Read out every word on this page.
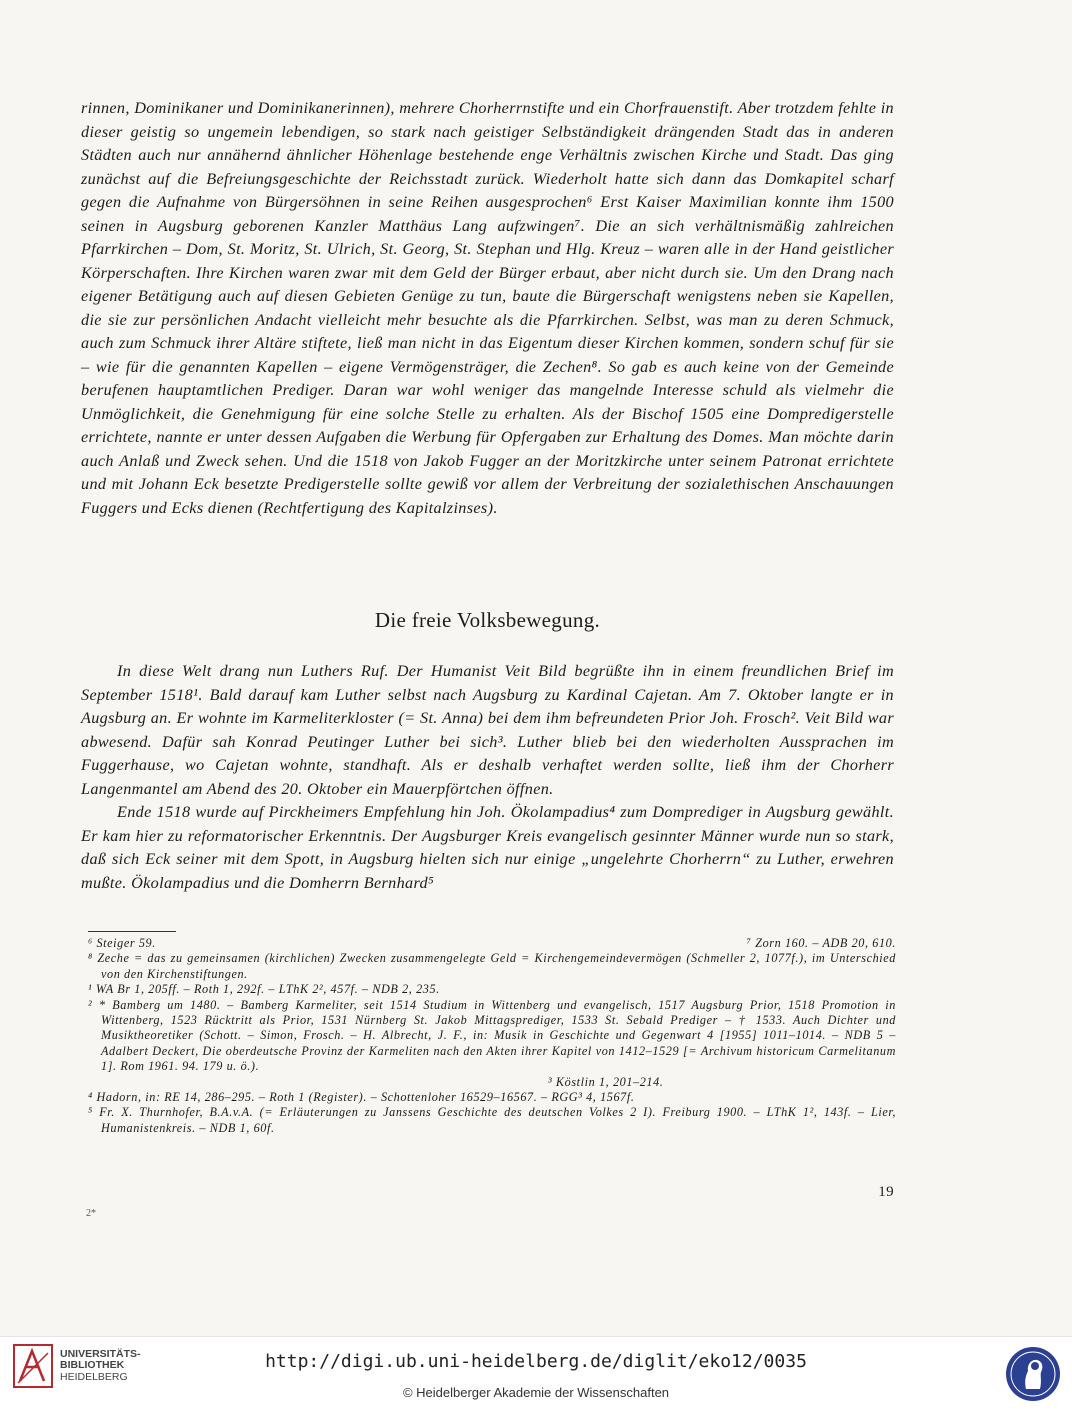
rinnen, Dominikaner und Dominikanerinnen), mehrere Chorherrnstifte und ein Chorfrauenstift. Aber trotzdem fehlte in dieser geistig so ungemein lebendigen, so stark nach geistiger Selbständigkeit drängenden Stadt das in anderen Städten auch nur annähernd ähnlicher Höhenlage bestehende enge Verhältnis zwischen Kirche und Stadt. Das ging zunächst auf die Befreiungsgeschichte der Reichsstadt zurück. Wiederholt hatte sich dann das Domkapitel scharf gegen die Aufnahme von Bürgersöhnen in seine Reihen ausgesprochen⁶ Erst Kaiser Maximilian konnte ihm 1500 seinen in Augsburg geborenen Kanzler Matthäus Lang aufzwingen⁷. Die an sich verhältnismäßig zahlreichen Pfarrkirchen – Dom, St. Moritz, St. Ulrich, St. Georg, St. Stephan und Hlg. Kreuz – waren alle in der Hand geistlicher Körperschaften. Ihre Kirchen waren zwar mit dem Geld der Bürger erbaut, aber nicht durch sie. Um den Drang nach eigener Betätigung auch auf diesen Gebieten Genüge zu tun, baute die Bürgerschaft wenigstens neben sie Kapellen, die sie zur persönlichen Andacht vielleicht mehr besuchte als die Pfarrkirchen. Selbst, was man zu deren Schmuck, auch zum Schmuck ihrer Altäre stiftete, ließ man nicht in das Eigentum dieser Kirchen kommen, sondern schuf für sie – wie für die genannten Kapellen – eigene Vermögensträger, die Zechen⁸. So gab es auch keine von der Gemeinde berufenen hauptamtlichen Prediger. Daran war wohl weniger das mangelnde Interesse schuld als vielmehr die Unmöglichkeit, die Genehmigung für eine solche Stelle zu erhalten. Als der Bischof 1505 eine Dompredigerstelle errichtete, nannte er unter dessen Aufgaben die Werbung für Opfergaben zur Erhaltung des Domes. Man möchte darin auch Anlaß und Zweck sehen. Und die 1518 von Jakob Fugger an der Moritzkirche unter seinem Patronat errichtete und mit Johann Eck besetzte Predigerstelle sollte gewiß vor allem der Verbreitung der sozialethischen Anschauungen Fuggers und Ecks dienen (Rechtfertigung des Kapitalzinses).

Die freie Volksbewegung.

In diese Welt drang nun Luthers Ruf. Der Humanist Veit Bild begrüßte ihn in einem freundlichen Brief im September 1518¹. Bald darauf kam Luther selbst nach Augsburg zu Kardinal Cajetan. Am 7. Oktober langte er in Augsburg an. Er wohnte im Karmeliterkloster (= St. Anna) bei dem ihm befreundeten Prior Joh. Frosch². Veit Bild war abwesend. Dafür sah Konrad Peutinger Luther bei sich³. Luther blieb bei den wiederholten Aussprachen im Fuggerhause, wo Cajetan wohnte, standhaft. Als er deshalb verhaftet werden sollte, ließ ihm der Chorherr Langenmantel am Abend des 20. Oktober ein Mauerpförtchen öffnen.

Ende 1518 wurde auf Pirckheimers Empfehlung hin Joh. Ökolampadius⁴ zum Domprediger in Augsburg gewählt. Er kam hier zu reformatorischer Erkenntnis. Der Augsburger Kreis evangelisch gesinnter Männer wurde nun so stark, daß sich Eck seiner mit dem Spott, in Augsburg hielten sich nur einige „ungelehrte Chorherrn“ zu Luther, erwehren mußte. Ökolampadius und die Domherrn Bernhard⁵

⁶ Steiger 59.	⁷ Zorn 160. – ADB 20, 610.

⁸ Zeche = das zu gemeinsamen (kirchlichen) Zwecken zusammengelegte Geld = Kirchengemeindevermögen (Schmeller 2, 1077f.), im Unterschied von den Kirchenstiftungen.

¹ WA Br 1, 205ff. – Roth 1, 292f. – LThK 2², 457f. – NDB 2, 235.

² * Bamberg um 1480. – Bamberg Karmeliter, seit 1514 Studium in Wittenberg und evangelisch, 1517 Augsburg Prior, 1518 Promotion in Wittenberg, 1523 Rücktritt als Prior, 1531 Nürnberg St. Jakob Mittagsprediger, 1533 St. Sebald Prediger – † 1533. Auch Dichter und Musiktheoretiker (Schott. – Simon, Frosch. – H. Albrecht, J. F., in: Musik in Geschichte und Gegenwart 4 [1955] 1011–1014. – NDB 5 – Adalbert Deckert, Die oberdeutsche Provinz der Karmeliten nach den Akten ihrer Kapitel von 1412–1529 [= Archivum historicum Carmelitanum 1]. Rom 1961. 94. 179 u. ö.).

³ Köstlin 1, 201–214.

⁴ Hadorn, in: RE 14, 286–295. – Roth 1 (Register). – Schottenloher 16529–16567. – RGG³ 4, 1567f.

⁵ Fr. X. Thurnhofer, B.A.v.A. (= Erläuterungen zu Janssens Geschichte des deutschen Volkes 2 I). Freiburg 1900. – LThK 1², 143f. – Lier, Humanistenkreis. – NDB 1, 60f.

19
2*
UNIVERSITÄTS-
BIBLIOTHEK
HEIDELBERG
http://digi.ub.uni-heidelberg.de/diglit/eko12/0035
© Heidelberger Akademie der Wissenschaften
